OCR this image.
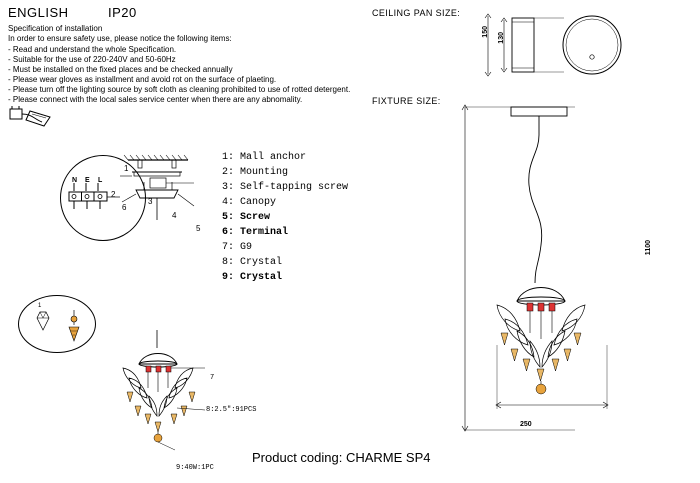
ENGLISH	IP20
Specification of installation
In order to ensure safety use, please notice the following items:
- Read and understand the whole Specification.
- Suitable for the use of 220-240V and 50-60Hz
- Must be installed on the fixed places and be checked annually
- Please wear gloves as installment and avoid rot on the surface of plaeting.
- Please turn off the lighting source by soft cloth as cleaning prohibited to use of rotted detergent.
- Please connect with the local sales service center when there are any abnomality.
N E L
6
1
1
2
3
4
5
1: Mall anchor
2: Mounting
3: Self-tapping screw
4: Canopy
5: Screw
6: Terminal
7: G9
8: Crystal
9: Crystal
7
8:2.5":91PCS
9:40W:1PC
CEILING PAN SIZE:
150
130
FIXTURE SIZE:
1100
250
Product coding: CHARME SP4
